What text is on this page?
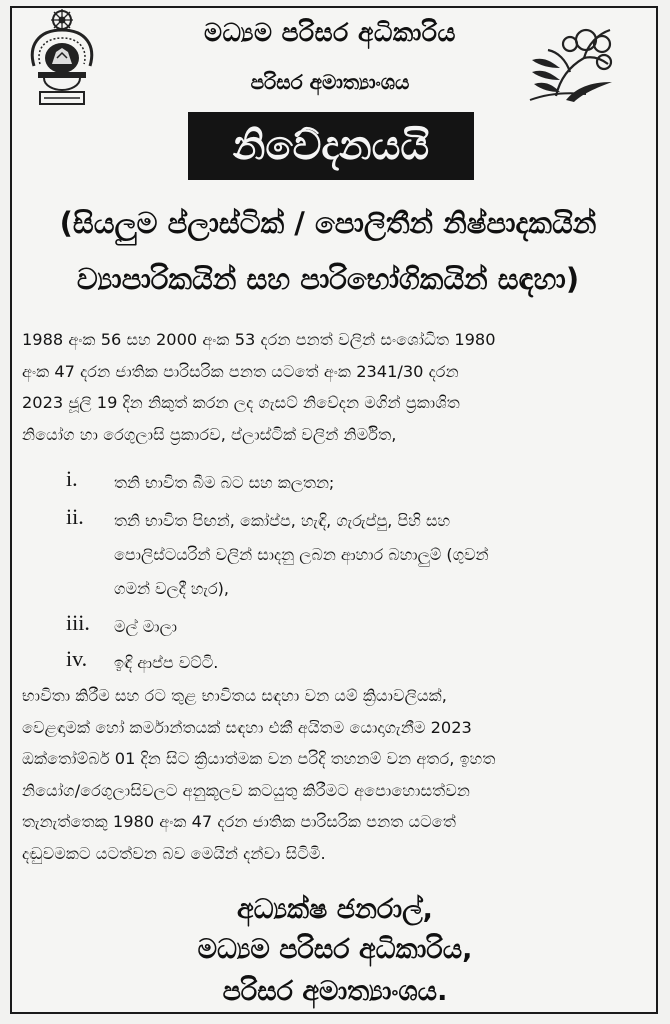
මධ්‍යම පරිසර අධිකාරිය
පරිසර අමාත්‍යාංශය
නිවේදනයයි
(සියලුම ප්ලාස්ටික් / පොලිතීන් නිෂ්පාදකයින්
ව්‍යාපාරිකයින් සහ පාරිභෝගිකයින් සඳහා)
1988 අංක 56 සහ 2000 අංක 53 දරන පනත් වලින් සංශෝධිත 1980
අංක 47 දරන ජාතික පාරිසරික පනත යටතේ අංක 2341/30 දරන
2023 ජූලි 19 දින නිකුත් කරන ලද ගැසට් නිවේදන මගින් ප්‍රකාශිත
නියෝග හා රෙගුලාසි ප්‍රකාරව, ප්ලාස්ටික් වලින් නිර්මිත,
i. තනි භාවිත බීම බට සහ කලතන;
ii. තනි භාවිත පිඟන්, කෝප්ප, හැඳි, ගැරුප්පු, පිහි සහ
පොලිස්ටයරින් වලින් සාදනු ලබන ආහාර බහාලුම් (ගුවන්
ගමන් වලදී හැර),
iii. මල් මාලා
iv. ඉඳි ආප්ප වට්ටි.
භාවිතා කිරීම සහ රට තුළ භාවිතය සඳහා වන යම් ක්‍රියාවලියක්,
වෙළඳාමක් හෝ කර්මාන්තයක් සඳහා එකී අයිතම යොදාගැනීම 2023
ඔක්තෝම්බර් 01 දින සිට ක්‍රියාත්මක වන පරිදි තහනම් වන අතර, ඉහත
නියෝග/රෙගුලාසිවලට අනුකූලව කටයුතු කිරීමට අපොහොසත්වන
තැනැත්තෙකු 1980 අංක 47 දරන ජාතික පාරිසරික පනත යටතේ
දඬුවමකට යටත්වන බව මෙයින් දන්වා සිටිමි.
අධ්‍යක්ෂ ජනරාල්,
මධ්‍යම පරිසර අධිකාරිය,
පරිසර අමාත්‍යාංශය.
